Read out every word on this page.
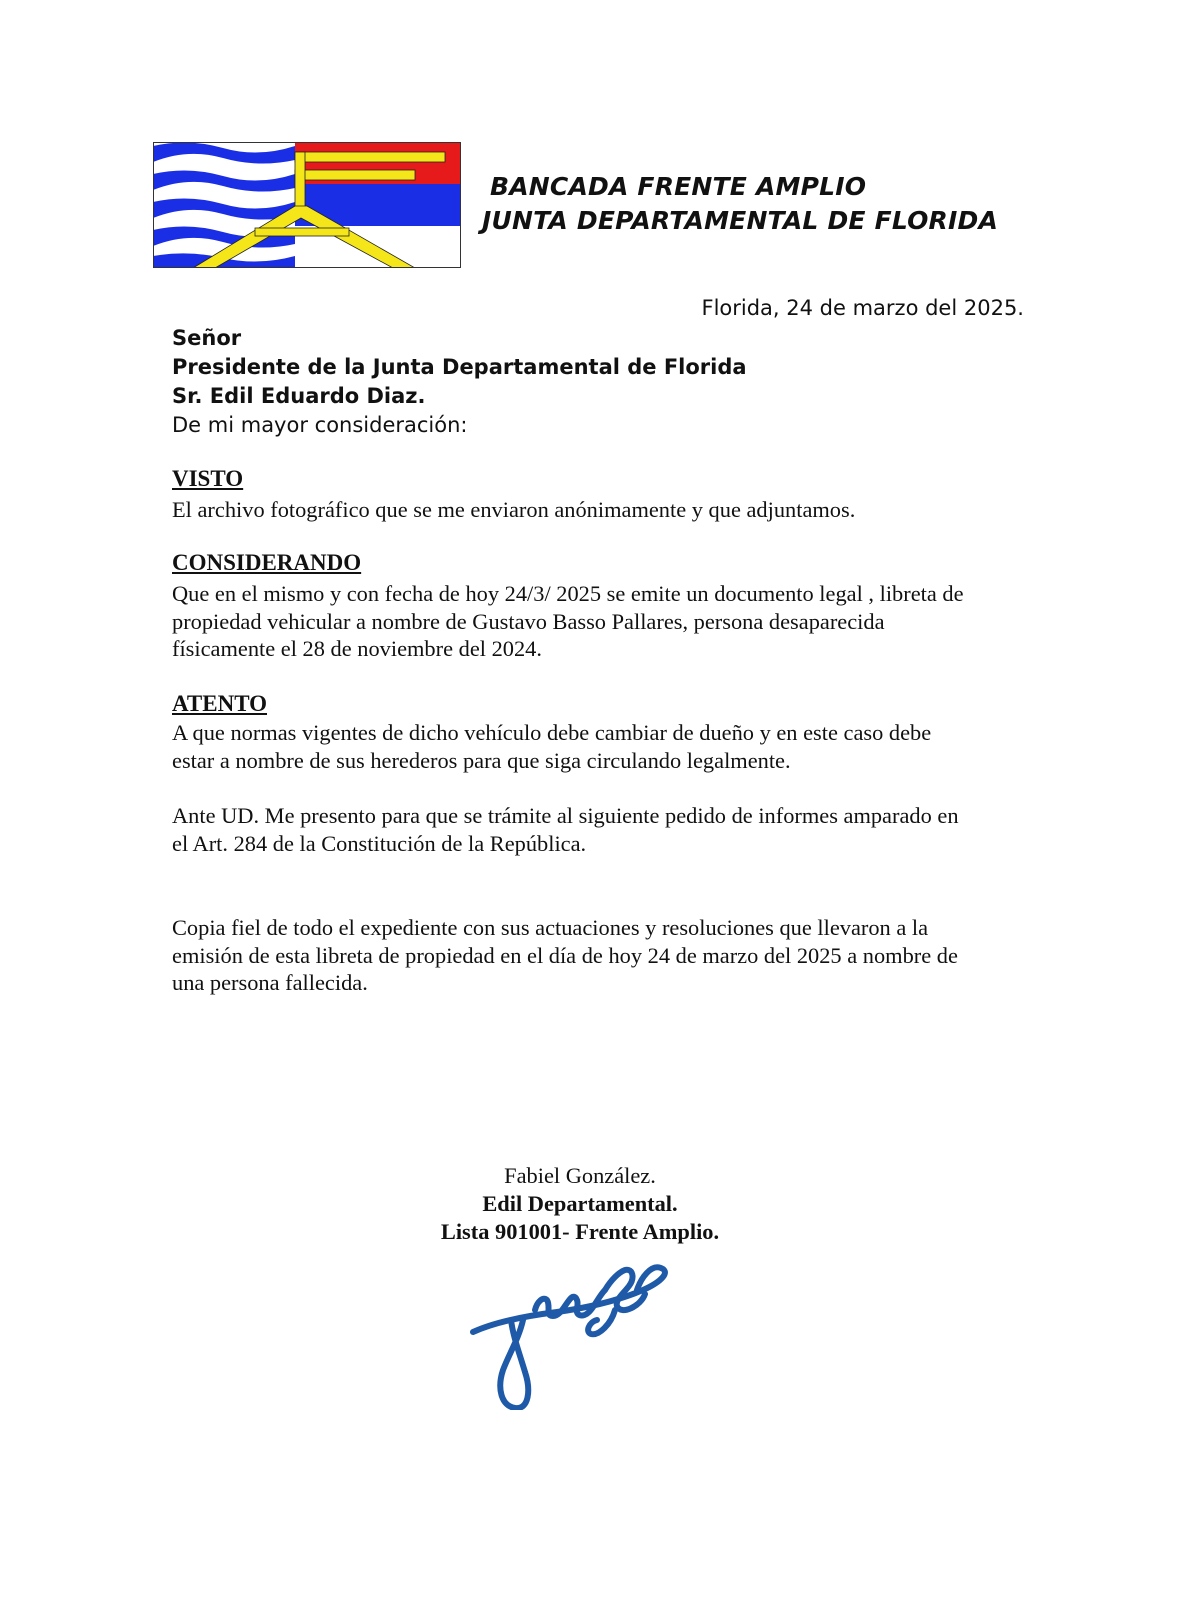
BANCADA FRENTE AMPLIO
JUNTA DEPARTAMENTAL DE FLORIDA
Florida, 24 de marzo del 2025.
Señor
Presidente de la Junta Departamental de Florida
Sr. Edil Eduardo Diaz.
De mi mayor consideración:
VISTO

El archivo fotográfico que se me enviaron anónimamente y que adjuntamos.

CONSIDERANDO

Que en el mismo y con fecha de hoy 24/3/ 2025 se emite un documento legal , libreta de
propiedad vehicular a nombre de Gustavo Basso Pallares, persona desaparecida
físicamente el 28 de noviembre del 2024.

ATENTO

A que normas vigentes de dicho vehículo debe cambiar de dueño y en este caso debe
estar a nombre de sus herederos para que siga circulando legalmente.

Ante UD. Me presento para que se trámite al siguiente pedido de informes amparado en
el Art. 284 de la Constitución de la República.

Copia fiel de todo el expediente con sus actuaciones y resoluciones que llevaron a la
emisión de esta libreta de propiedad en el día de hoy 24 de marzo del 2025 a nombre de
una persona fallecida.

Fabiel González.
Edil Departamental.
Lista 901001- Frente Amplio.
